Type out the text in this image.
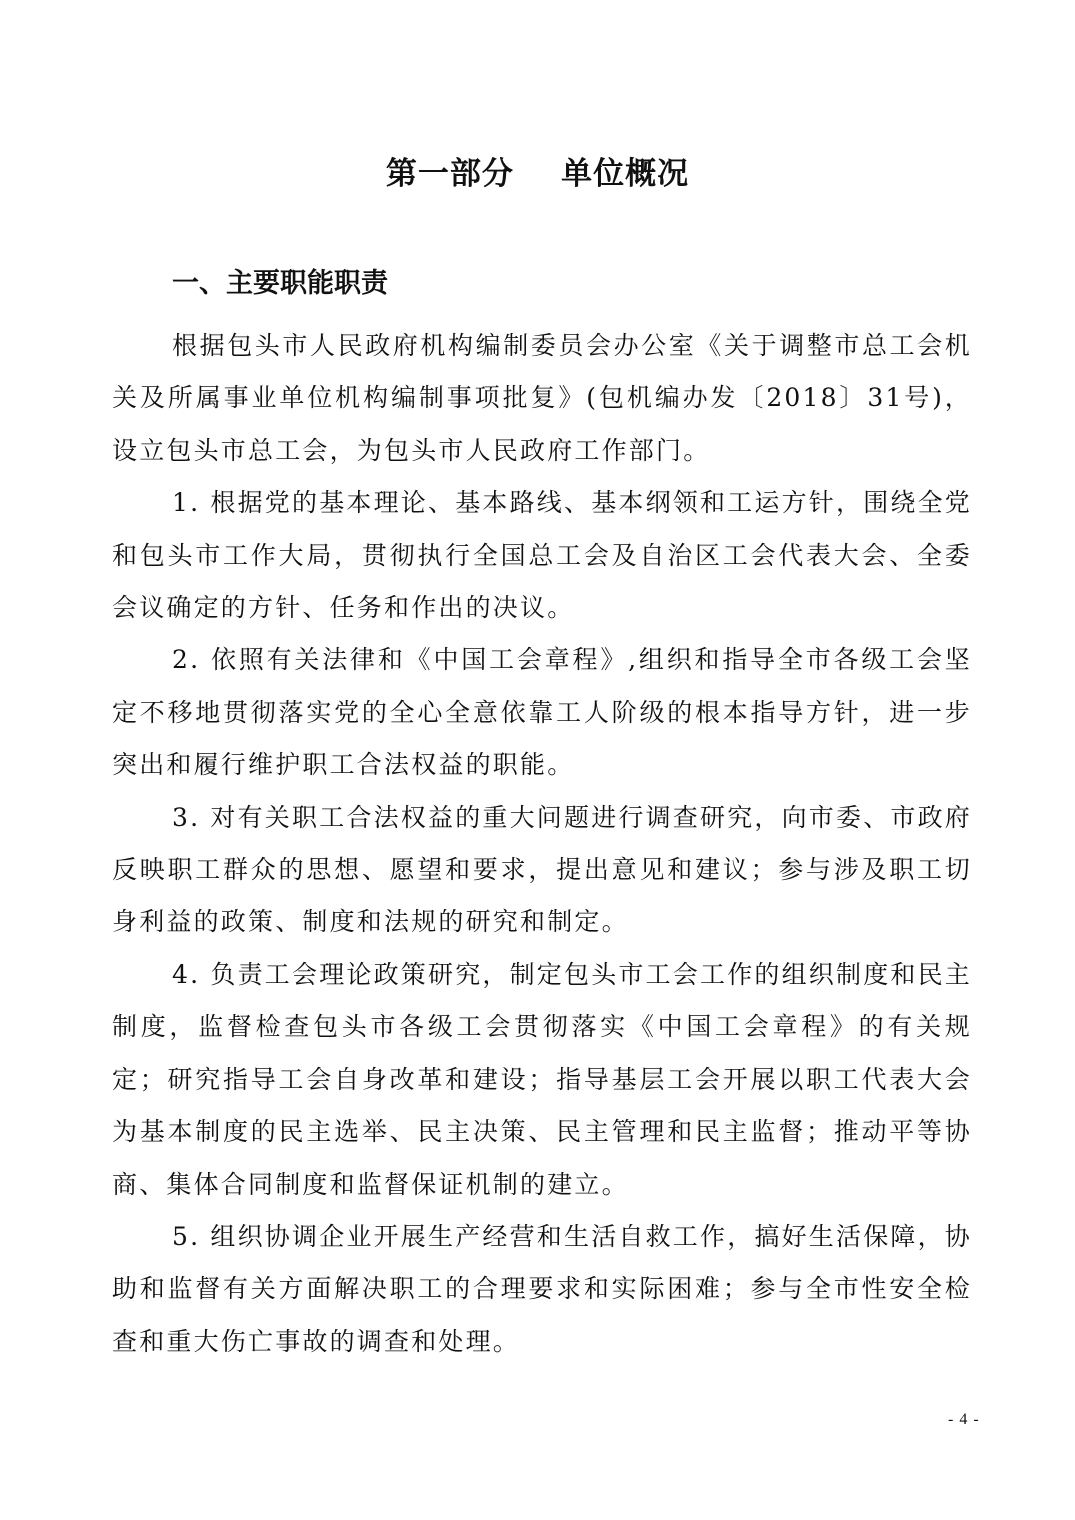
第一部分    单位概况
一、主要职能职责

根据包头市人民政府机构编制委员会办公室《关于调整市总工会机关及所属事业单位机构编制事项批复》(包机编办发〔2018〕31号)，设立包头市总工会，为包头市人民政府工作部门。

1. 根据党的基本理论、基本路线、基本纲领和工运方针，围绕全党和包头市工作大局，贯彻执行全国总工会及自治区工会代表大会、全委会议确定的方针、任务和作出的决议。

2. 依照有关法律和《中国工会章程》,组织和指导全市各级工会坚定不移地贯彻落实党的全心全意依靠工人阶级的根本指导方针，进一步突出和履行维护职工合法权益的职能。

3. 对有关职工合法权益的重大问题进行调查研究，向市委、市政府反映职工群众的思想、愿望和要求，提出意见和建议；参与涉及职工切身利益的政策、制度和法规的研究和制定。

4. 负责工会理论政策研究，制定包头市工会工作的组织制度和民主制度，监督检查包头市各级工会贯彻落实《中国工会章程》的有关规定；研究指导工会自身改革和建设；指导基层工会开展以职工代表大会为基本制度的民主选举、民主决策、民主管理和民主监督；推动平等协商、集体合同制度和监督保证机制的建立。

5. 组织协调企业开展生产经营和生活自救工作，搞好生活保障，协助和监督有关方面解决职工的合理要求和实际困难；参与全市性安全检查和重大伤亡事故的调查和处理。

- 4 -
